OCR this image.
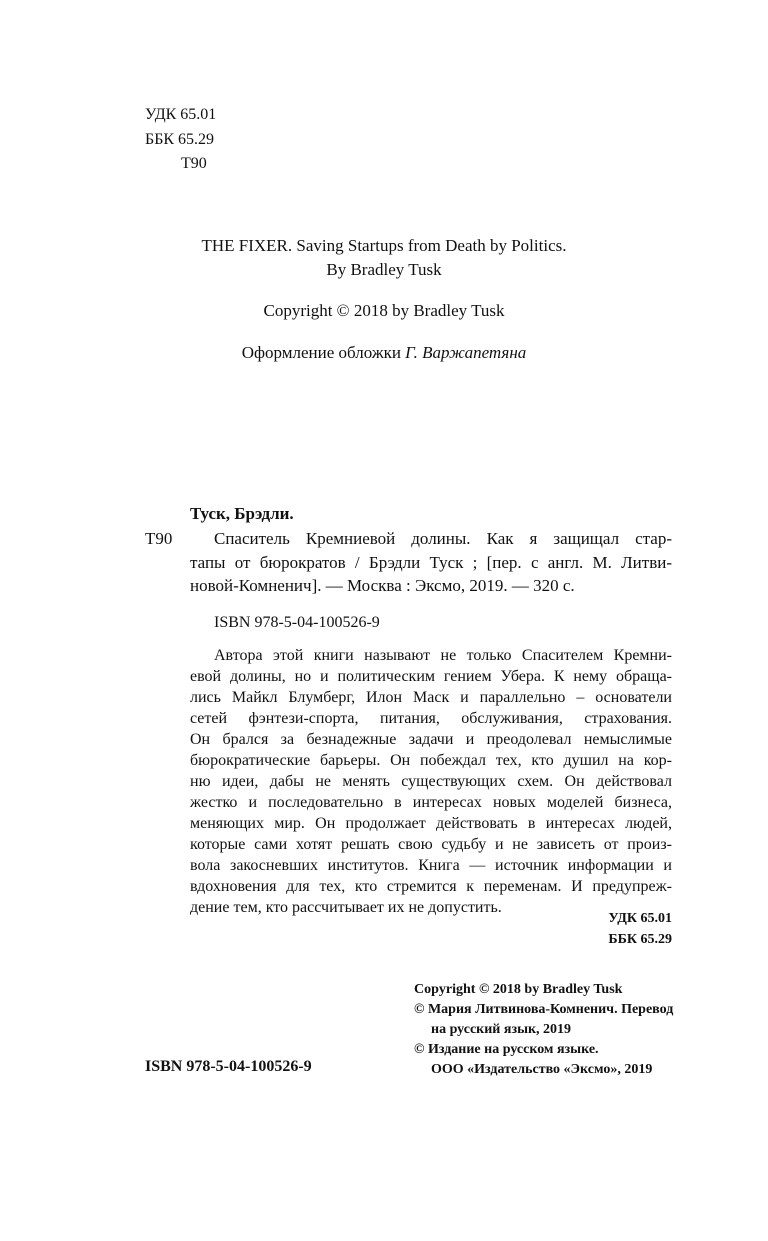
УДК 65.01
ББК 65.29
Т90
THE FIXER. Saving Startups from Death by Politics.
By Bradley Tusk
Copyright © 2018 by Bradley Tusk
Оформление обложки Г. Варжапетяна
Туск, Брэдли.
Т90 Спаситель Кремниевой долины. Как я защищал стар-
тапы от бюрократов / Брэдли Туск ; [пер. с англ. М. Литви-
новой-Комненич]. — Москва : Эксмо, 2019. — 320 с.
ISBN 978-5-04-100526-9
Автора этой книги называют не только Спасителем Кремни-
евой долины, но и политическим гением Убера. К нему обраща-
лись Майкл Блумберг, Илон Маск и параллельно – основатели
сетей фэнтези-спорта, питания, обслуживания, страхования.
Он брался за безнадежные задачи и преодолевал немыслимые
бюрократические барьеры. Он побеждал тех, кто душил на кор-
ню идеи, дабы не менять существующих схем. Он действовал
жестко и последовательно в интересах новых моделей бизнеса,
меняющих мир. Он продолжает действовать в интересах людей,
которые сами хотят решать свою судьбу и не зависеть от произ-
вола закосневших институтов. Книга — источник информации и
вдохновения для тех, кто стремится к переменам. И предупреж-
дение тем, кто рассчитывает их не допустить.
УДК 65.01
ББК 65.29
Copyright © 2018 by Bradley Tusk
© Мария Литвинова-Комненич. Перевод
на русский язык, 2019
© Издание на русском языке.
ООО «Издательство «Эксмо», 2019
ISBN 978-5-04-100526-9
